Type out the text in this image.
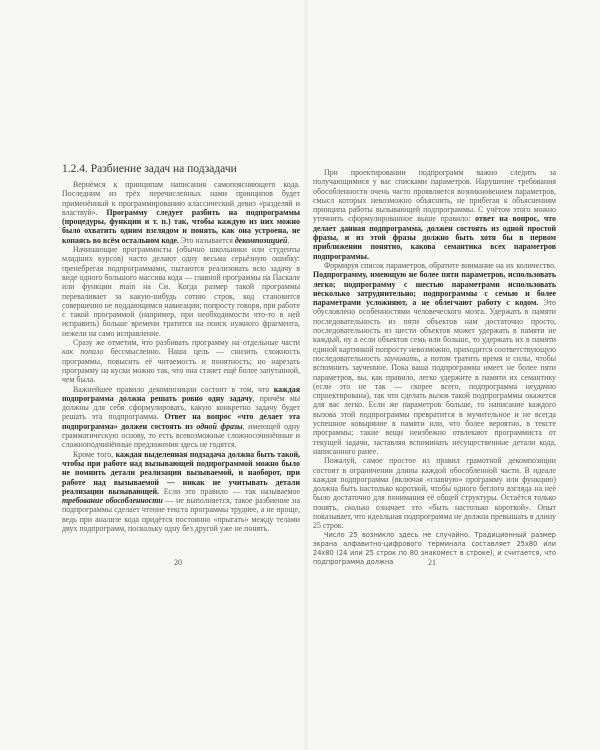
1.2.4. Разбиение задач на подзадачи

Вернёмся к принципам написания самопоясняющего кода. Последним из трёх перечисленных нами принципов будет применённый к программированию классический девиз «разделяй и властвуй». Программу следует разбить на подпрограммы (процедуры, функции и т. п.) так, чтобы каждую из них можно было охватить одним взглядом и понять, как она устроена, не копаясь во всём остальном коде. Это называется декомпозицией.

Начинающие программисты (обычно школьники или студенты младших курсов) часто делают одну весьма серьёзную ошибку: пренебрегая подпрограммами, пытаются реализовать всю задачу в виде одного большого массива кода — главной программы на Паскале или функции main на Си. Когда размер такой программы переваливает за какую-нибудь сотню строк, код становится совершенно не поддающимся навигации; попросту говоря, при работе с такой программой (например, при необходимости что-то в ней исправить) больше времени тратится на поиск нужного фрагмента, нежели на само исправление.

Сразу же отметим, что разбивать программу на отдельные части как попало бессмысленно. Наша цель — снизить сложность программы, повысить её читаемость и понятность; но нарезать программу на куски можно так, что она станет ещё более запутанной, чем была.

Важнейшее правило декомпозиции состоит в том, что каждая подпрограмма должна решать ровно одну задачу, причём мы должны для себя сформулировать, какую конкретно задачу будет решать эта подпрограмма. Ответ на вопрос «что делает эта подпрограмма» должен состоять из одной фразы, имеющей одну грамматическую основу, то есть всевозможные сложносочинённые и сложноподчинённые предложения здесь не годятся.

Кроме того, каждая выделенная подзадача должна быть такой, чтобы при работе над вызывающей подпрограммой можно было не помнить детали реализации вызываемой, и наоборот, при работе над вызываемой — никак не учитывать детали реализации вызывающей. Если это правило — так называемое требование обособленности — не выполняется, такое разбиение на подпрограммы сделает чтение текста программы труднее, а не проще, ведь при анализе кода придётся постоянно «прыгать» между телами двух подпрограмм, поскольку одну без другой уже не понять.

20

При проектировании подпрограмм важно следить за получающимися у вас списками параметров. Нарушение требования обособленности очень часто проявляется возникновением параметров, смысл которых невозможно объяснить, не прибегая к объяснениям принципа работы вызывающей подпрограммы. С учётом этого можно уточнить сформулированное выше правило: ответ на вопрос, что делает данная подпрограмма, должен состоять из одной простой фразы, и из этой фразы должно быть хотя бы в первом приближении понятно, какова семантика всех параметров подпрограммы.

Формируя список параметров, обратите внимание на их количество. Подпрограмму, имеющую не более пяти параметров, использовать легко; подпрограмму с шестью параметрами использовать несколько затруднительно; подпрограммы с семью и более параметрами усложняют, а не облегчают работу с кодом. Это обусловлено особенностями человеческого мозга. Удержать в памяти последовательность из пяти объектов нам достаточно просто, последовательность из шести объектов может удержать в памяти не каждый, ну а если объектов семь или больше, то удержать их в памяти единой картинкой попросту невозможно, приходится соответствующую последовательность заучивать, а потом тратить время и силы, чтобы вспомнить заученное. Пока ваша подпрограмма имеет не более пяти параметров, вы, как правило, легко удержите в памяти их семантику (если это не так — скорее всего, подпрограмма неудачно спроектирована), так что сделать вызов такой подпрограммы окажется для вас легко. Если же параметров больше, то написание каждого вызова этой подпрограммы превратится в мучительное и не всегда успешное ковыряние в памяти или, что более вероятно, в тексте программы; такие вещи неизбежно отвлекают программиста от текущей задачи, заставляя вспоминать несущественные детали кода, написанного ранее.

Пожалуй, самое простое из правил грамотной декомпозиции состоит в ограничении длины каждой обособленной части. В идеале каждая подпрограмма (включая «главную» программу или функцию) должна быть настолько короткой, чтобы одного беглого взгляда на неё было достаточно для понимания её общей структуры. Остаётся только понять, сколько означает это «быть настолько короткой». Опыт показывает, что идеальная подпрограмма не должна превышать в длину 25 строк.

Число 25 возникло здесь не случайно. Традиционный размер экрана алфавитно-цифрового терминала составляет 25x80 или 24x80 (24 или 25 строк по 80 знакомест в строке), и считается, что подпрограмма должна	21
